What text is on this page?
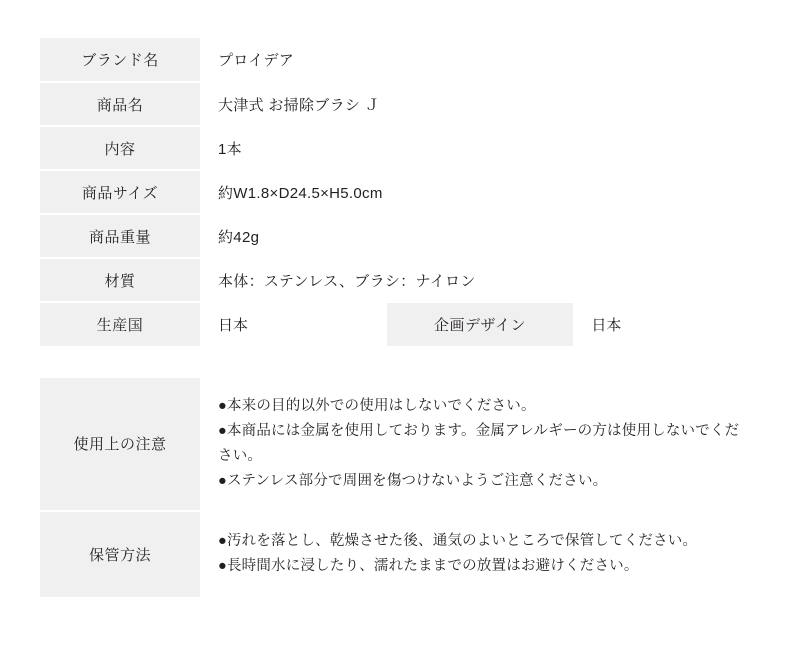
ブランド名	プロイデア		
商品名	大津式 お掃除ブラシ Ｊ		
内容	1本		
商品サイズ	約W1.8×D24.5×H5.0cm		
商品重量	約42g		
材質	本体：ステンレス、ブラシ：ナイロン		
生産国	日本	企画デザイン	日本
使用上の注意	●本来の目的以外での使用はしないでください。

●本商品には金属を使用しております。金属アレルギーの方は使用しないでください。

●ステンレス部分で周囲を傷つけないようご注意ください。

保管方法	●汚れを落とし、乾燥させた後、通気のよいところで保管してください。

●長時間水に浸したり、濡れたままでの放置はお避けください。
